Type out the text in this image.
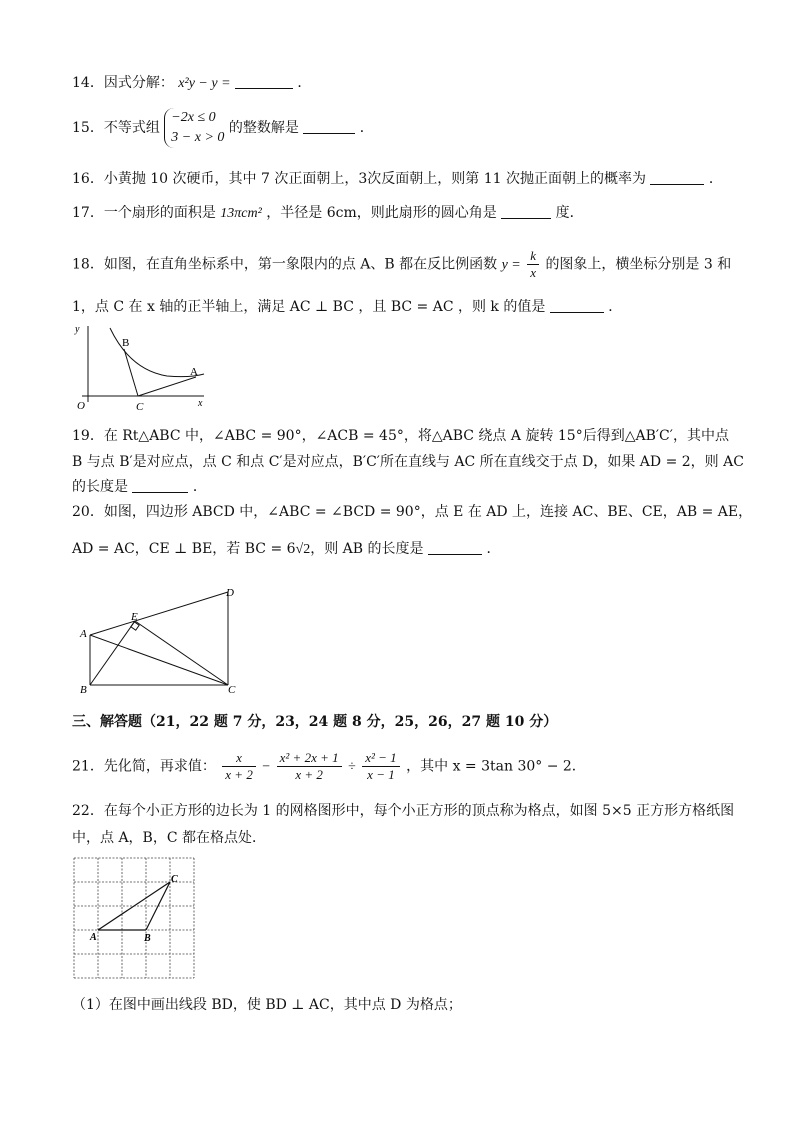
14．因式分解： x²y − y =	．
15．不等式组
−2x ≤ 0
3 − x > 0
的整数解是	．
16．小黄抛 10 次硬币，其中 7 次正面朝上，3次反面朝上，则第 11 次抛正面朝上的概率为	．
17．一个扇形的面积是 13πcm² ，半径是 6cm，则此扇形的圆心角是	度．
18．如图，在直角坐标系中，第一象限内的点 A、B 都在反比例函数 $y = \frac{k}{x}$ 的图象上，横坐标分别是 3 和
1，点 C 在 x 轴的正半轴上，满足 AC ⊥ BC ，且 BC = AC ，则 k 的值是	．
y
O	x
B
A
C
19．在 Rt△ABC 中，∠ABC = 90°，∠ACB = 45°，将△ABC 绕点 A 旋转 15°后得到△AB′C′，其中点
B 与点 B′是对应点，点 C 和点 C′是对应点，B′C′所在直线与 AC 所在直线交于点 D，如果 AD = 2，则 AC
的长度是	．
20．如图，四边形 ABCD 中，∠ABC = ∠BCD = 90°，点 E 在 AD 上，连接 AC、BE、CE，AB = AE，
AD = AC，CE ⊥ BE，若 BC = 6√2，则 AB 的长度是	．
A
B	C
D
E
三、解答题（21，22 题 7 分，23，24 题 8 分，25，26，27 题 10 分）
21．先化简，再求值： $\frac{x}{x + 2} - \frac{\text{x² + 2x + 1}}{x + 2} \div \frac{\text{x² − 1}}{x - 1}$ ，其中 x = 3tan 30° − 2．
22．在每个小正方形的边长为 1 的网格图形中，每个小正方形的顶点称为格点，如图 5×5 正方形方格纸图
中，点 A，B，C 都在格点处．
A	B
C
（1）在图中画出线段 BD，使 BD ⊥ AC，其中点 D 为格点；
